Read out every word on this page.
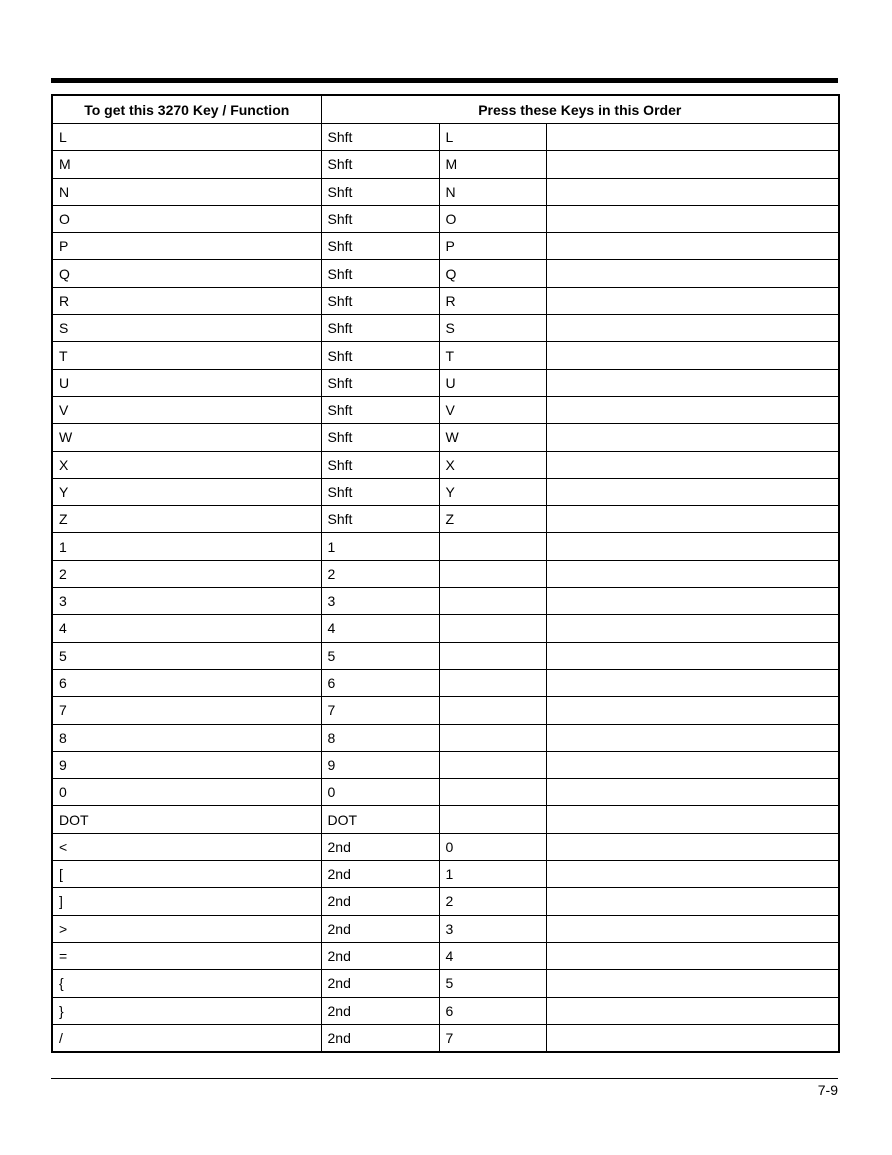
To get this 3270 Key / Function	Press these Keys in this Order		
L	Shft	L	
M	Shft	M	
N	Shft	N	
O	Shft	O	
P	Shft	P	
Q	Shft	Q	
R	Shft	R	
S	Shft	S	
T	Shft	T	
U	Shft	U	
V	Shft	V	
W	Shft	W	
X	Shft	X	
Y	Shft	Y	
Z	Shft	Z	
1	1		
2	2		
3	3		
4	4		
5	5		
6	6		
7	7		
8	8		
9	9		
0	0		
DOT	DOT		
<	2nd	0	
[	2nd	1	
]	2nd	2	
>	2nd	3	
=	2nd	4	
{	2nd	5	
}	2nd	6	
/	2nd	7	
7-9
